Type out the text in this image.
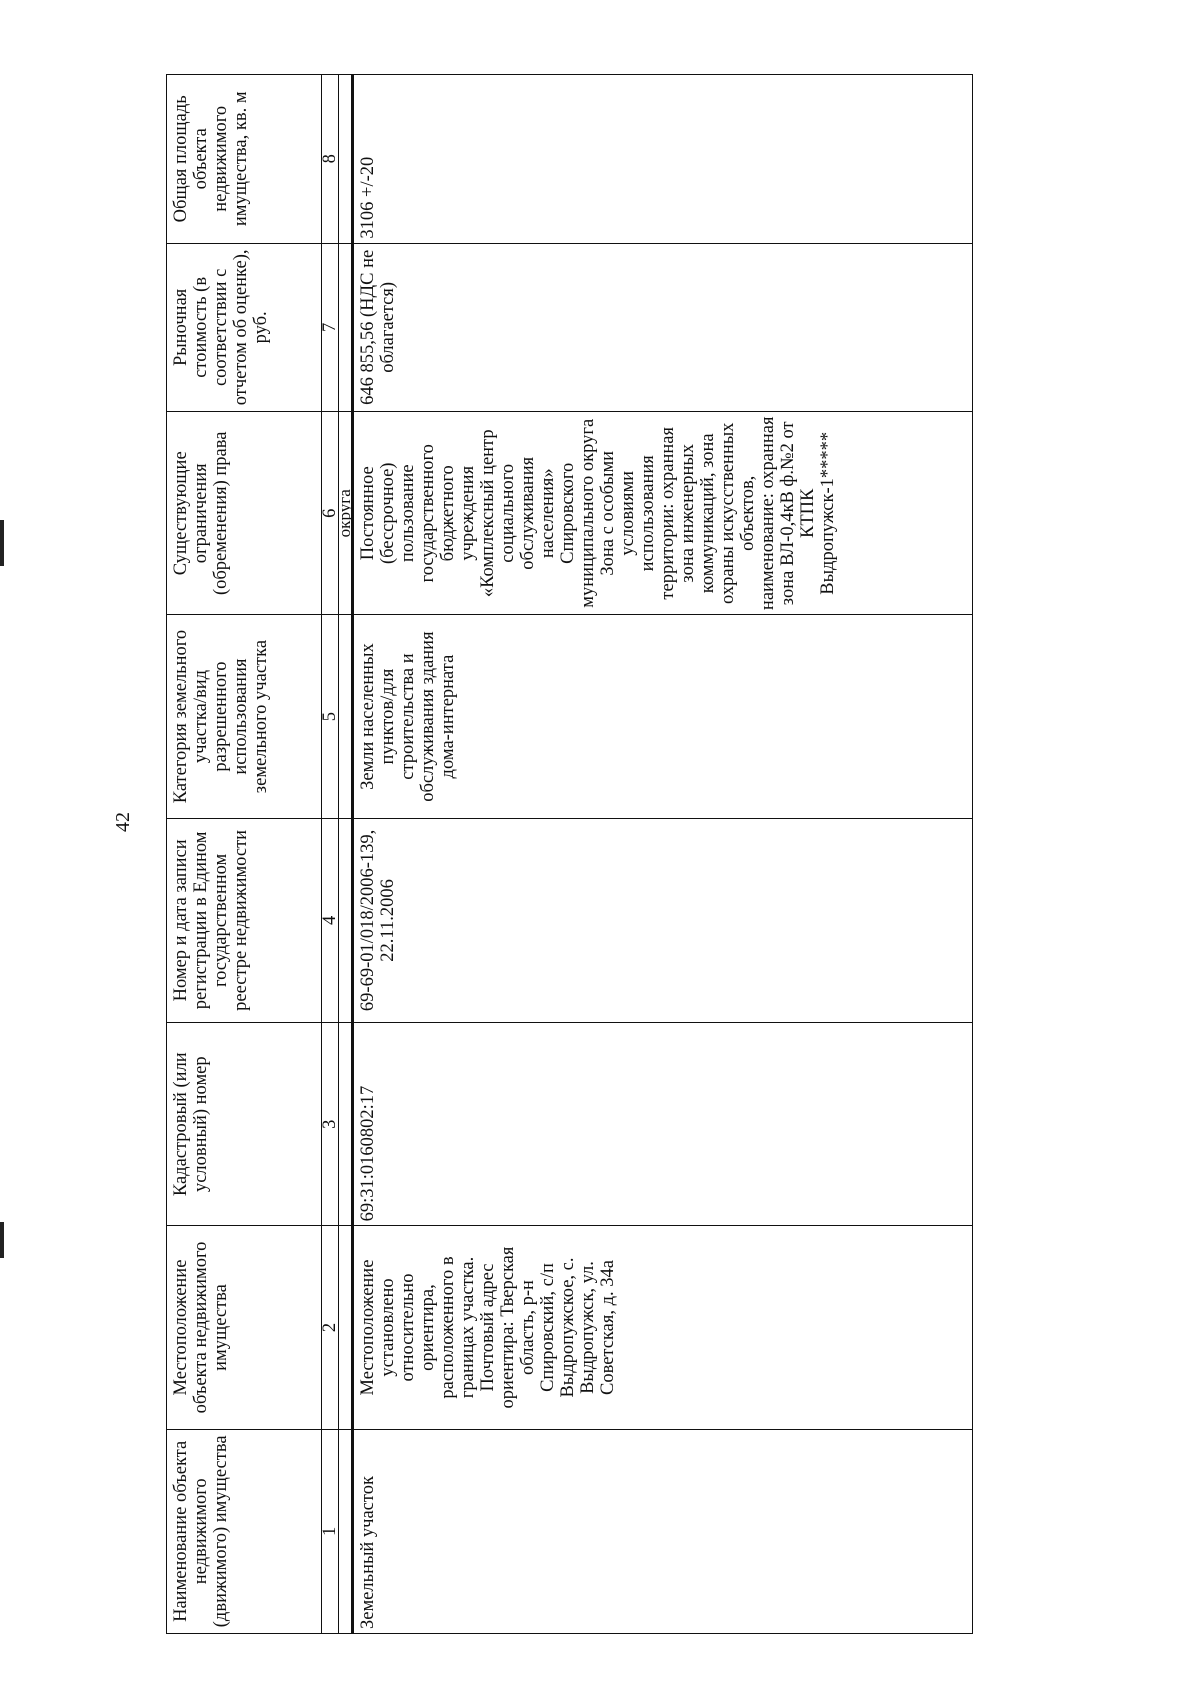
42
Наименование объекта недвижимого (движимого) имущества	Местоположение объекта недвижимого имущества	Кадастровый (или условный) номер	Номер и дата записи регистрации в Едином государственном реестре недвижимости	Категория земельного участка/вид разрешенного использования земельного участка	Существующие ограничения (обременения) права	Рыночная стоимость (в соответствии с отчетом об оценке), руб.	Общая площадь объекта недвижимого имущества, кв. м
1	2	3	4	5	6	7	8
					округа		
Земельный участок	Местоположение установлено относительно ориентира, расположенного в границах участка. Почтовый адрес ориентира: Тверская область, р-н Спировский, с/п Выдропужское, с. Выдропужск, ул. Советская, д. 34а	69:31:0160802:17	69-69-01/018/2006-139, 22.11.2006	Земли населенных пунктов/для строительства и обслуживания здания дома-интерната	Постоянное (бессрочное) пользование государственного бюджетного учреждения «Комплексный центр социального обслуживания населения» Спировского муниципального округа Зона с особыми условиями использования территории: охранная зона инженерных коммуникаций, зона охраны искусственных объектов, наименование: охранная зона ВЛ-0,4кВ ф.№2 от КТПК Выдропужск-1*****	646 855,56 (НДС не облагается)	3106 +/-20
